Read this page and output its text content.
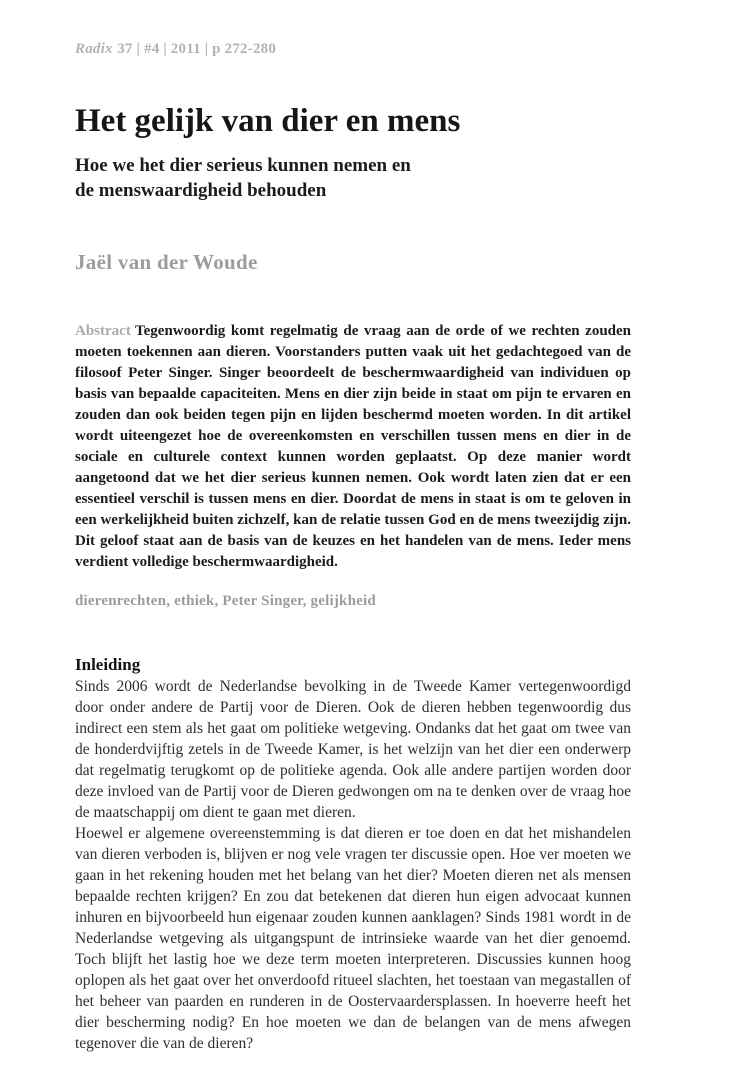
Radix 37 | #4 | 2011 | p 272-280
Het gelijk van dier en mens
Hoe we het dier serieus kunnen nemen en
de menswaardigheid behouden
Jaël van der Woude

Abstract Tegenwoordig komt regelmatig de vraag aan de orde of we rechten zouden moeten toekennen aan dieren. Voorstanders putten vaak uit het gedachtegoed van de filosoof Peter Singer. Singer beoordeelt de beschermwaardigheid van individuen op basis van bepaalde capaciteiten. Mens en dier zijn beide in staat om pijn te ervaren en zouden dan ook beiden tegen pijn en lijden beschermd moeten worden. In dit artikel wordt uiteengezet hoe de overeenkomsten en verschillen tussen mens en dier in de sociale en culturele context kunnen worden geplaatst. Op deze manier wordt aangetoond dat we het dier serieus kunnen nemen. Ook wordt laten zien dat er een essentieel verschil is tussen mens en dier. Doordat de mens in staat is om te geloven in een werkelijkheid buiten zichzelf, kan de relatie tussen God en de mens tweezijdig zijn. Dit geloof staat aan de basis van de keuzes en het handelen van de mens. Ieder mens verdient volledige beschermwaardigheid.

dierenrechten, ethiek, Peter Singer, gelijkheid
Inleiding

Sinds 2006 wordt de Nederlandse bevolking in de Tweede Kamer vertegenwoordigd door onder andere de Partij voor de Dieren. Ook de dieren hebben tegenwoordig dus indirect een stem als het gaat om politieke wetgeving. Ondanks dat het gaat om twee van de honderdvijftig zetels in de Tweede Kamer, is het welzijn van het dier een onderwerp dat regelmatig terugkomt op de politieke agenda. Ook alle andere partijen worden door deze invloed van de Partij voor de Dieren gedwongen om na te denken over de vraag hoe de maatschappij om dient te gaan met dieren.

Hoewel er algemene overeenstemming is dat dieren er toe doen en dat het mishandelen van dieren verboden is, blijven er nog vele vragen ter discussie open. Hoe ver moeten we gaan in het rekening houden met het belang van het dier? Moeten dieren net als mensen bepaalde rechten krijgen? En zou dat betekenen dat dieren hun eigen advocaat kunnen inhuren en bijvoorbeeld hun eigenaar zouden kunnen aanklagen? Sinds 1981 wordt in de Nederlandse wetgeving als uitgangspunt de intrinsieke waarde van het dier genoemd. Toch blijft het lastig hoe we deze term moeten interpreteren. Discussies kunnen hoog oplopen als het gaat over het onverdoofd ritueel slachten, het toestaan van megastallen of het beheer van paarden en runderen in de Oostervaardersplassen. In hoeverre heeft het dier bescherming nodig? En hoe moeten we dan de belangen van de mens afwegen tegenover die van de dieren?
